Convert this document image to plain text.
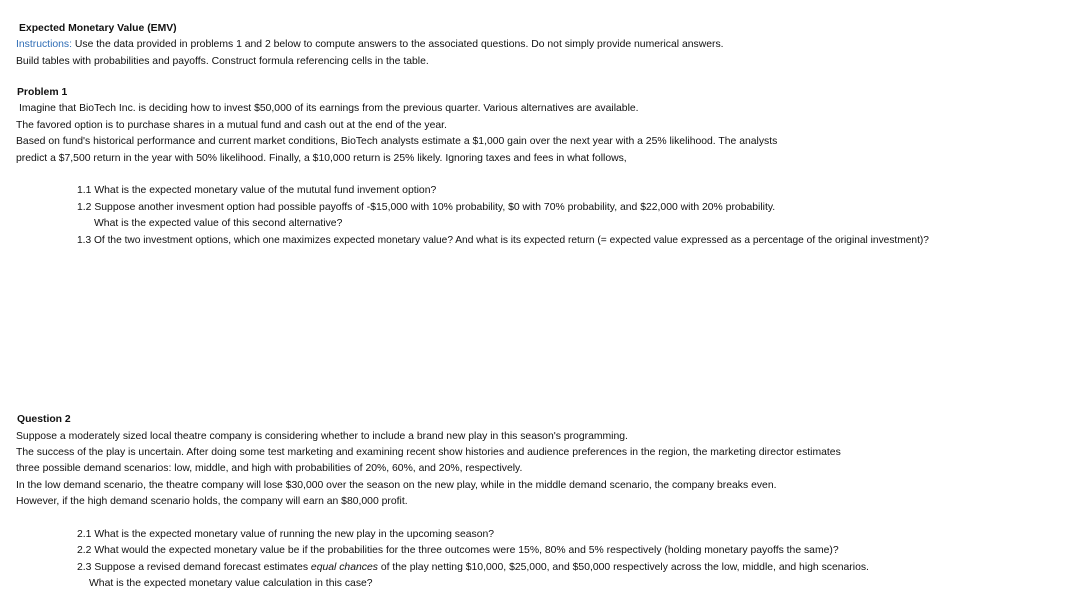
Expected Monetary Value (EMV)
Instructions: Use the data provided in problems 1 and 2 below to compute answers to the associated questions. Do not simply provide numerical answers.
Build tables with probabilities and payoffs. Construct formula referencing cells in the table.
Problem 1
Imagine that BioTech Inc. is deciding how to invest $50,000 of its earnings from the previous quarter. Various alternatives are available.
The favored option is to purchase shares in a mutual fund and cash out at the end of the year.
Based on fund's historical performance and current market conditions, BioTech analysts estimate a $1,000 gain over the next year with a 25% likelihood. The analysts
predict a $7,500 return in the year with 50% likelihood. Finally, a $10,000 return is 25% likely. Ignoring taxes and fees in what follows,
1.1 What is the expected monetary value of the mututal fund invement option?
1.2 Suppose another invesment option had possible payoffs of -$15,000 with 10% probability, $0 with 70% probability, and $22,000 with 20% probability.
What is the expected value of this second alternative?
1.3 Of the two investment options, which one maximizes expected monetary value? And what is its expected return (= expected value expressed as a percentage of the original investment)?
Question 2
Suppose a moderately sized local theatre company is considering whether to include a brand new play in this season's programming.
The success of the play is uncertain. After doing some test marketing and examining recent show histories and audience preferences in the region, the marketing director estimates
three possible demand scenarios: low, middle, and high with probabilities of 20%, 60%, and 20%, respectively.
In the low demand scenario, the theatre company will lose $30,000 over the season on the new play, while in the middle demand scenario, the company breaks even.
However, if the high demand scenario holds, the company will earn an $80,000 profit.
2.1 What is the expected monetary value of running the new play in the upcoming season?
2.2 What would the expected monetary value be if the probabilities for the three outcomes were 15%, 80% and 5% respectively (holding monetary payoffs the same)?
2.3 Suppose a revised demand forecast estimates equal chances of the play netting $10,000, $25,000, and $50,000 respectively across the low, middle, and high scenarios.
What is the expected monetary value calculation in this case?
